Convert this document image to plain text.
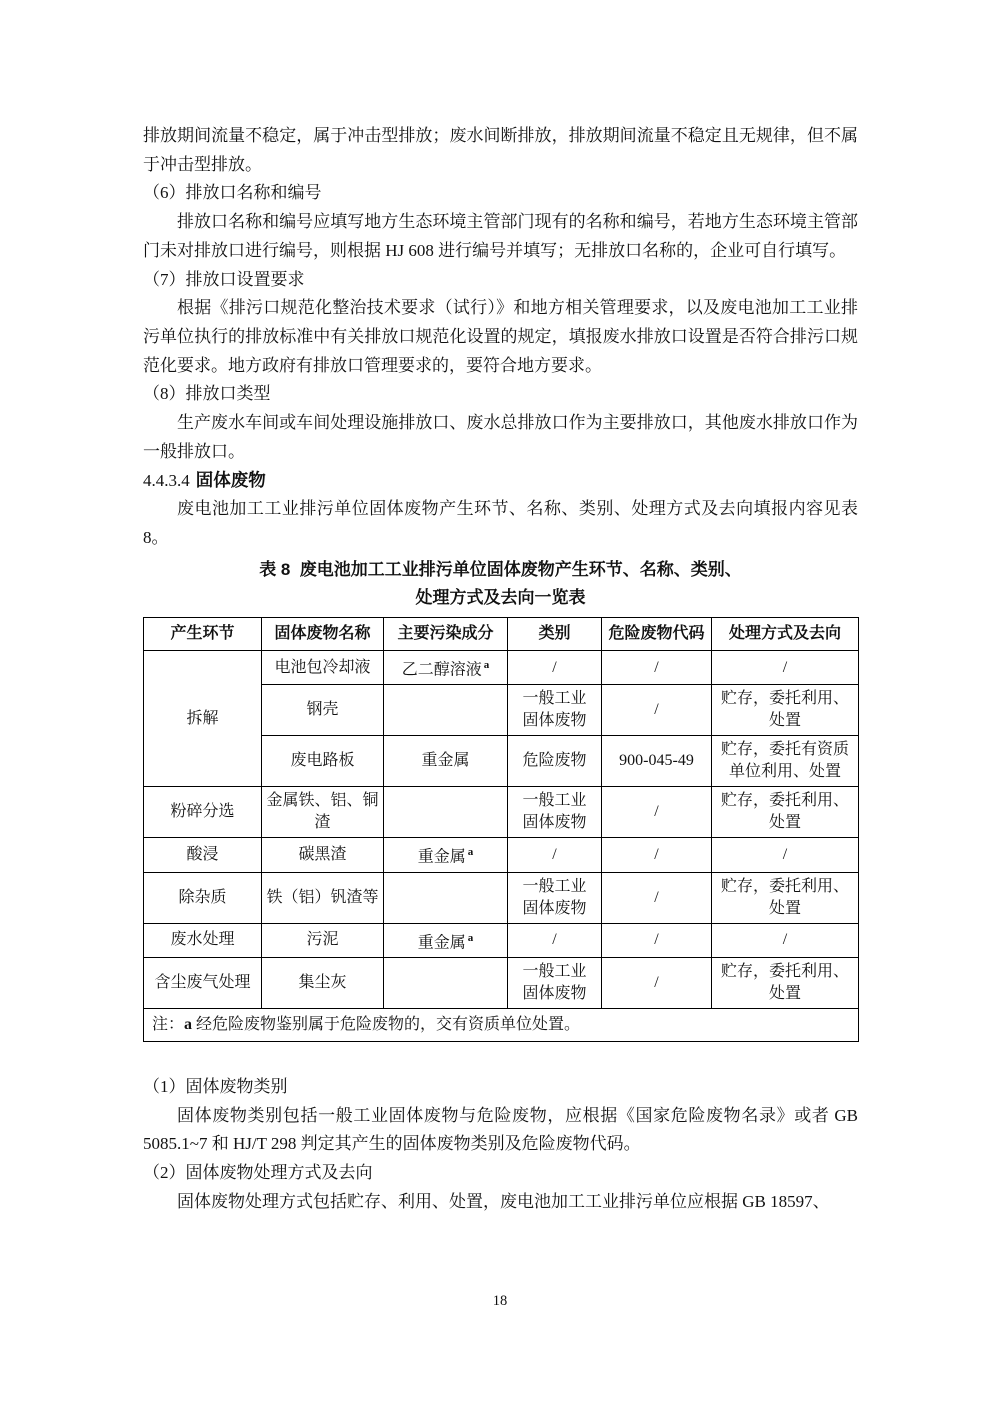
排放期间流量不稳定，属于冲击型排放；废水间断排放，排放期间流量不稳定且无规律，但不属于冲击型排放。

（6）排放口名称和编号

排放口名称和编号应填写地方生态环境主管部门现有的名称和编号，若地方生态环境主管部门未对排放口进行编号，则根据 HJ 608 进行编号并填写；无排放口名称的，企业可自行填写。

（7）排放口设置要求

根据《排污口规范化整治技术要求（试行）》和地方相关管理要求，以及废电池加工工业排污单位执行的排放标准中有关排放口规范化设置的规定，填报废水排放口设置是否符合排污口规范化要求。地方政府有排放口管理要求的，要符合地方要求。

（8）排放口类型

生产废水车间或车间处理设施排放口、废水总排放口作为主要排放口，其他废水排放口作为一般排放口。

4.4.3.4 固体废物

废电池加工工业排污单位固体废物产生环节、名称、类别、处理方式及去向填报内容见表 8。

表 8  废电池加工工业排污单位固体废物产生环节、名称、类别、
处理方式及去向一览表
产生环节	固体废物名称	主要污染成分	类别	危险废物代码	处理方式及去向
拆解	电池包冷却液	乙二醇溶液 $^a$	/	/	/
	钢壳		一般工业固体废物	/	贮存，委托利用、处置
	废电路板	重金属	危险废物	900-045-49	贮存，委托有资质单位利用、处置
粉碎分选	金属铁、铝、铜渣		一般工业固体废物	/	贮存，委托利用、处置
酸浸	碳黑渣	重金属 $^a$	/	/	/
除杂质	铁（铝）钒渣等		一般工业固体废物	/	贮存，委托利用、处置
废水处理	污泥	重金属 $^a$	/	/	/
含尘废气处理	集尘灰		一般工业固体废物	/	贮存，委托利用、处置
注：a 经危险废物鉴别属于危险废物的，交有资质单位处置。					

（1）固体废物类别

固体废物类别包括一般工业固体废物与危险废物，应根据《国家危险废物名录》或者 GB 5085.1~7 和 HJ/T 298 判定其产生的固体废物类别及危险废物代码。

（2）固体废物处理方式及去向

固体废物处理方式包括贮存、利用、处置，废电池加工工业排污单位应根据 GB 18597、

18
